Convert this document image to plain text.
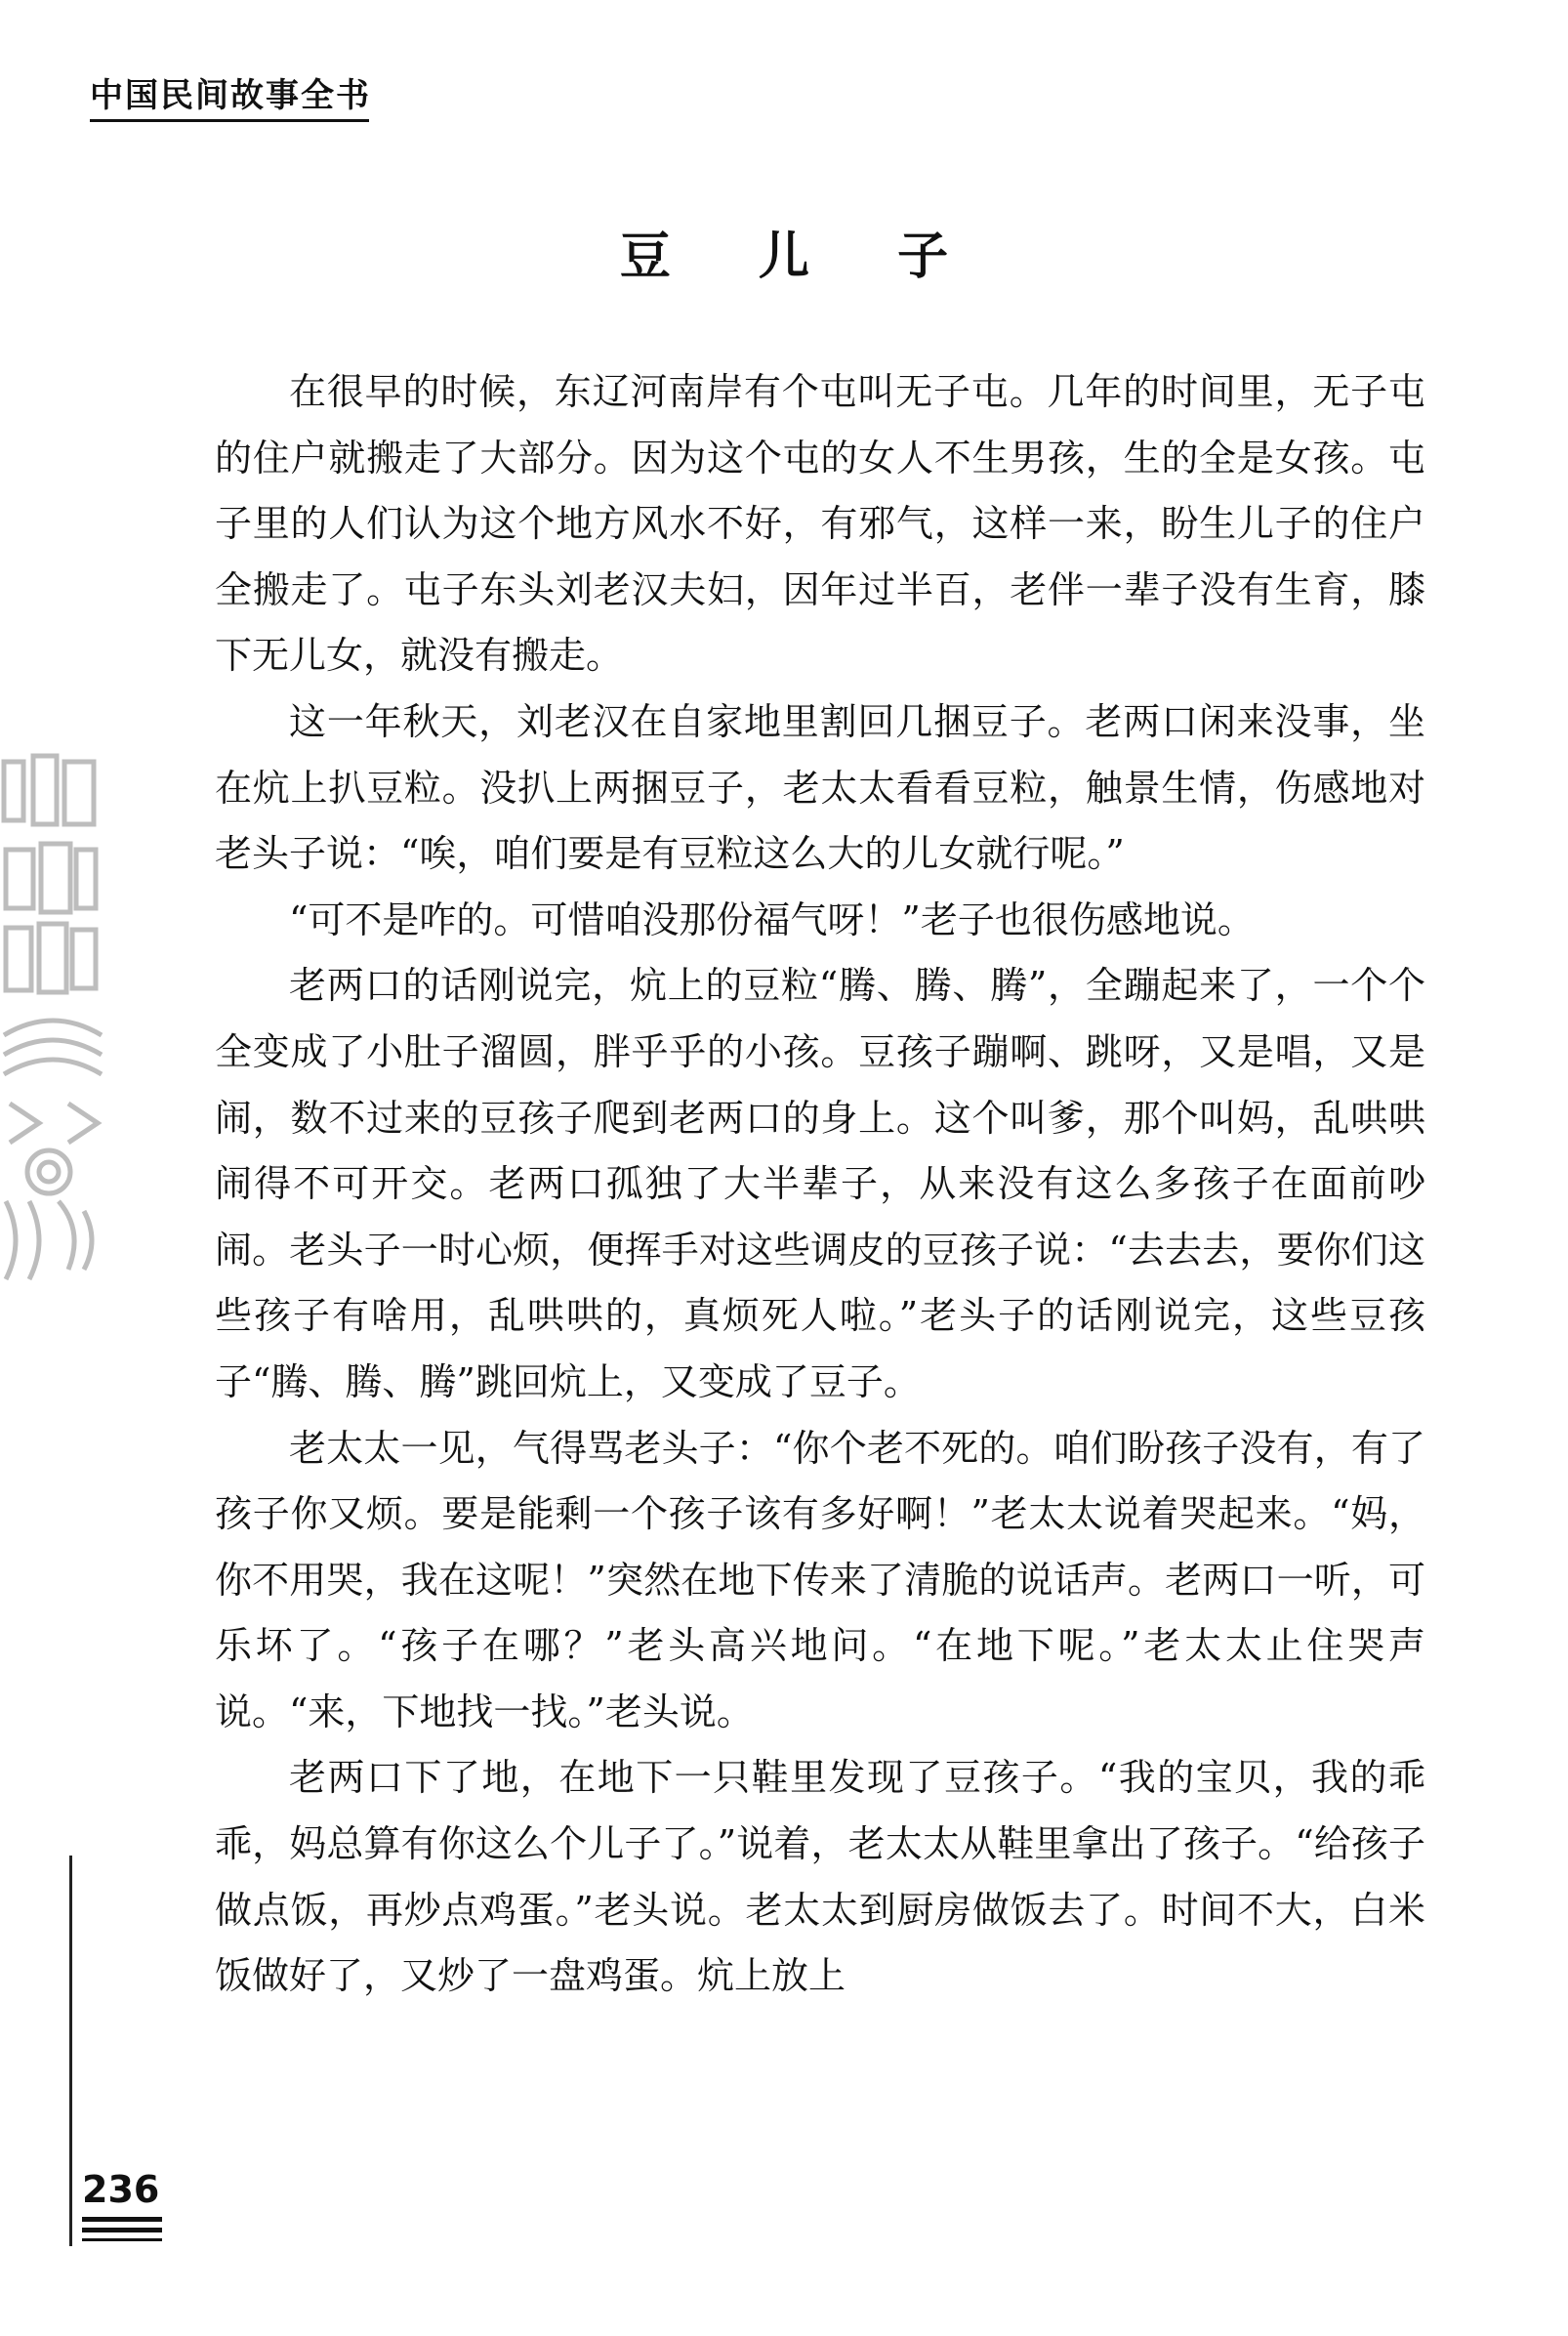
中国民间故事全书
豆 儿 子

在很早的时候，东辽河南岸有个屯叫无子屯。几年的时间里，无子屯的住户就搬走了大部分。因为这个屯的女人不生男孩，生的全是女孩。屯子里的人们认为这个地方风水不好，有邪气，这样一来，盼生儿子的住户全搬走了。屯子东头刘老汉夫妇，因年过半百，老伴一辈子没有生育，膝下无儿女，就没有搬走。

这一年秋天，刘老汉在自家地里割回几捆豆子。老两口闲来没事，坐在炕上扒豆粒。没扒上两捆豆子，老太太看看豆粒，触景生情，伤感地对老头子说：“唉，咱们要是有豆粒这么大的儿女就行呢。”

“可不是咋的。可惜咱没那份福气呀！”老子也很伤感地说。

老两口的话刚说完，炕上的豆粒“腾、腾、腾”，全蹦起来了，一个个全变成了小肚子溜圆，胖乎乎的小孩。豆孩子蹦啊、跳呀，又是唱，又是闹，数不过来的豆孩子爬到老两口的身上。这个叫爹，那个叫妈，乱哄哄闹得不可开交。老两口孤独了大半辈子，从来没有这么多孩子在面前吵闹。老头子一时心烦，便挥手对这些调皮的豆孩子说：“去去去，要你们这些孩子有啥用，乱哄哄的，真烦死人啦。”老头子的话刚说完，这些豆孩子“腾、腾、腾”跳回炕上，又变成了豆子。

老太太一见，气得骂老头子：“你个老不死的。咱们盼孩子没有，有了孩子你又烦。要是能剩一个孩子该有多好啊！”老太太说着哭起来。“妈，你不用哭，我在这呢！”突然在地下传来了清脆的说话声。老两口一听，可乐坏了。“孩子在哪？”老头高兴地问。“在地下呢。”老太太止住哭声说。“来，下地找一找。”老头说。

老两口下了地，在地下一只鞋里发现了豆孩子。“我的宝贝，我的乖乖，妈总算有你这么个儿子了。”说着，老太太从鞋里拿出了孩子。“给孩子做点饭，再炒点鸡蛋。”老头说。老太太到厨房做饭去了。时间不大，白米饭做好了，又炒了一盘鸡蛋。炕上放上

236
